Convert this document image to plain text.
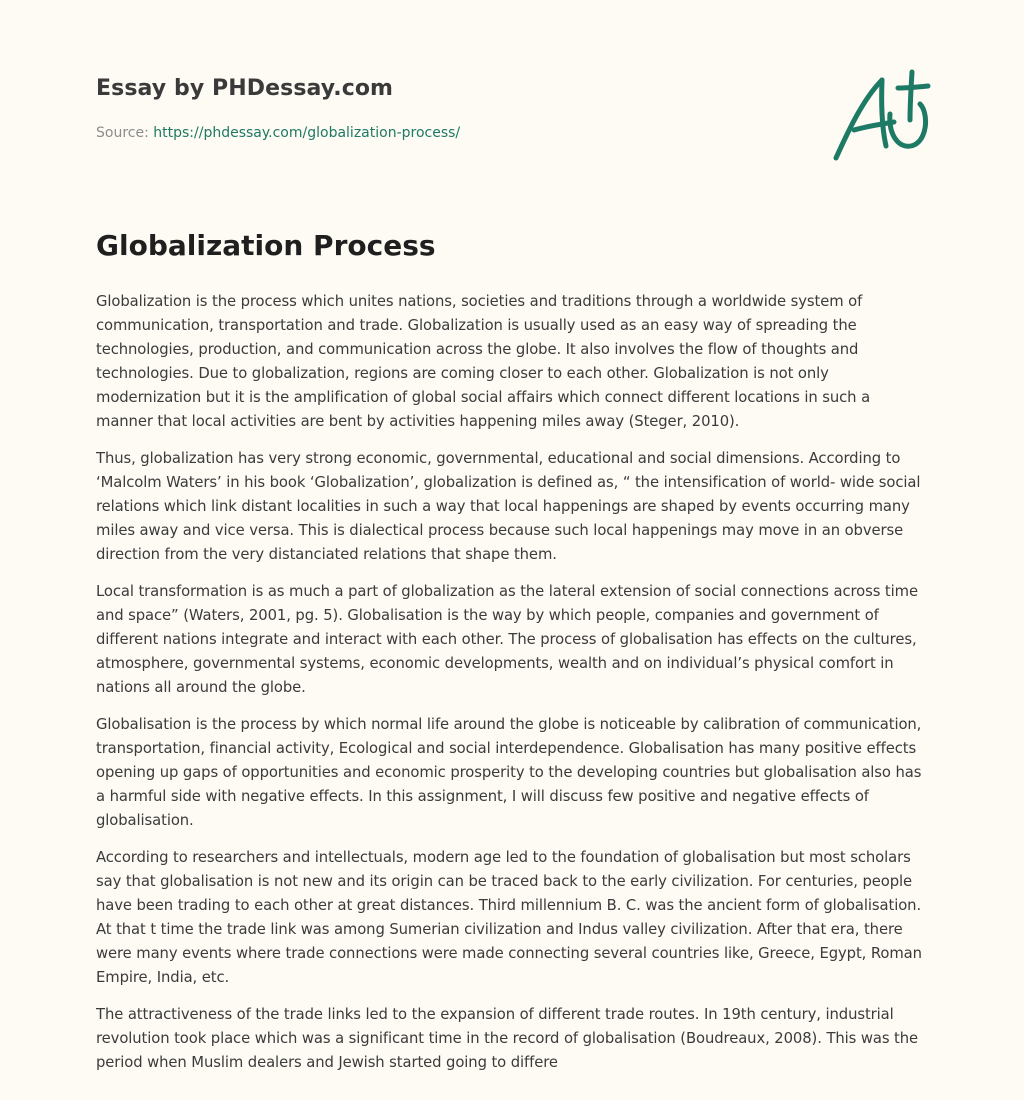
Essay by PHDessay.com
Source: https://phdessay.com/globalization-process/
Globalization Process

Globalization is the process which unites nations, societies and traditions through a worldwide system of communication, transportation and trade. Globalization is usually used as an easy way of spreading the technologies, production, and communication across the globe. It also involves the flow of thoughts and technologies. Due to globalization, regions are coming closer to each other. Globalization is not only modernization but it is the amplification of global social affairs which connect different locations in such a manner that local activities are bent by activities happening miles away (Steger, 2010).

Thus, globalization has very strong economic, governmental, educational and social dimensions. According to ‘Malcolm Waters’ in his book ‘Globalization’, globalization is defined as, “ the intensification of world- wide social relations which link distant localities in such a way that local happenings are shaped by events occurring many miles away and vice versa. This is dialectical process because such local happenings may move in an obverse direction from the very distanciated relations that shape them.

Local transformation is as much a part of globalization as the lateral extension of social connections across time and space” (Waters, 2001, pg. 5). Globalisation is the way by which people, companies and government of different nations integrate and interact with each other. The process of globalisation has effects on the cultures, atmosphere, governmental systems, economic developments, wealth and on individual’s physical comfort in nations all around the globe.

Globalisation is the process by which normal life around the globe is noticeable by calibration of communication, transportation, financial activity, Ecological and social interdependence. Globalisation has many positive effects opening up gaps of opportunities and economic prosperity to the developing countries but globalisation also has a harmful side with negative effects. In this assignment, I will discuss few positive and negative effects of globalisation.

According to researchers and intellectuals, modern age led to the foundation of globalisation but most scholars say that globalisation is not new and its origin can be traced back to the early civilization. For centuries, people have been trading to each other at great distances. Third millennium B. C. was the ancient form of globalisation. At that t time the trade link was among Sumerian civilization and Indus valley civilization. After that era, there were many events where trade connections were made connecting several countries like, Greece, Egypt, Roman Empire, India, etc.

The attractiveness of the trade links led to the expansion of different trade routes. In 19th century, industrial revolution took place which was a significant time in the record of globalisation (Boudreaux, 2008). This was the period when Muslim dealers and Jewish started going to differe
